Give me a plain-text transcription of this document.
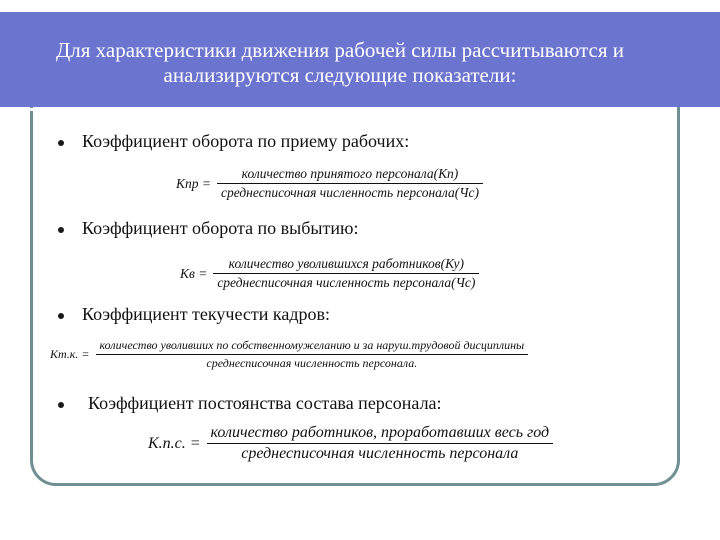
Для характеристики движения рабочей силы рассчитываются и анализируются следующие показатели:
Коэффициент оборота по приему рабочих:
Кпр = $\frac{\text{количество принятого персонала(Кп)}}{\text{среднесписочная численность персонала(Чс)}}$
Коэффициент оборота по выбытию:
Кв = $\frac{\text{количество уволившихся работников(Ку)}}{\text{среднесписочная численность персонала(Чс)}}$
Коэффициент текучести кадров:
Кт.к. =
количество уволивших по собственномужеланию и за наруш.трудовой дисциплины
среднесписочная численность персонала.
Коэффициент постоянства состава персонала:
К.п.с. = $\frac{\text{количество работников, проработавших весь год}}{\text{среднесписочная численность персонала}}$
